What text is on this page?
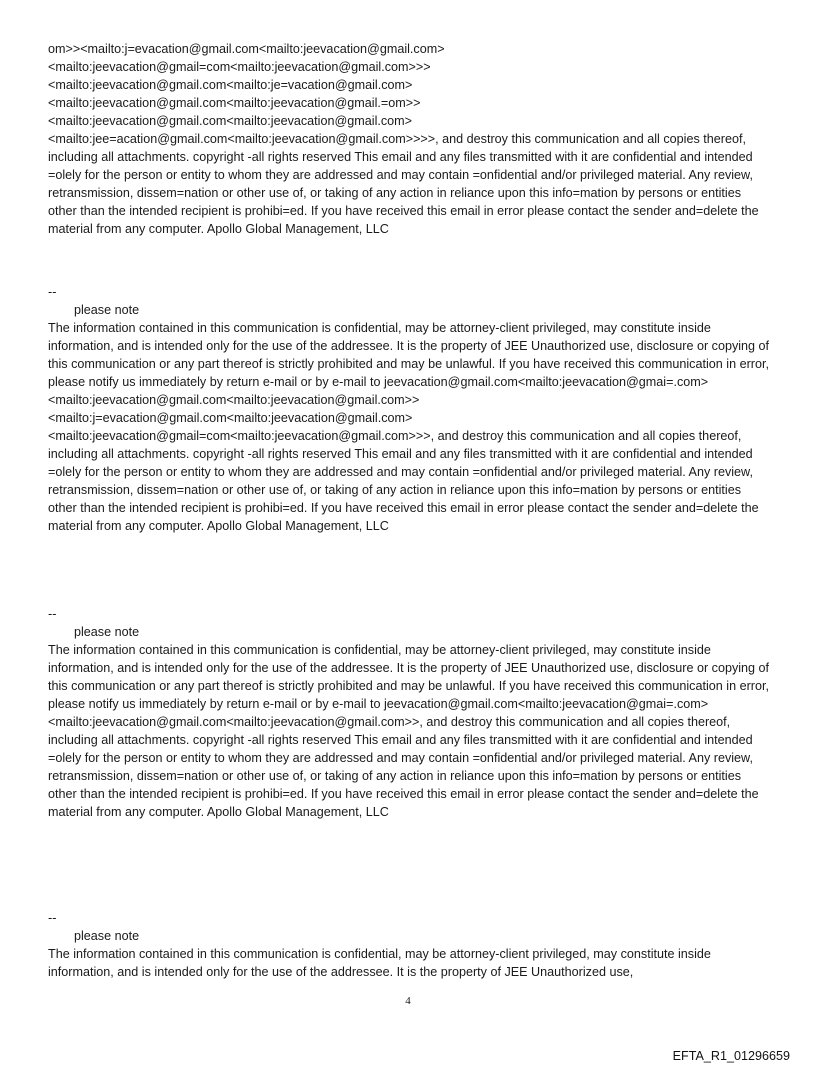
om>><mailto:j=evacation@gmail.com<mailto:jeevacation@gmail.com><mailto:jeevacation@gmail=com<mailto:jeevacation@gmail.com>>><mailto:jeevacation@gmail.com<mailto:je=vacation@gmail.com><mailto:jeevacation@gmail.com<mailto:jeevacation@gmail.=om>><mailto:jeevacation@gmail.com<mailto:jeevacation@gmail.com><mailto:jee=acation@gmail.com<mailto:jeevacation@gmail.com>>>>, and destroy this communication and all copies thereof, including all attachments. copyright -all rights reserved This email and any files transmitted with it are confidential and intended =olely for the person or entity to whom they are addressed and may contain =onfidential and/or privileged material. Any review, retransmission, dissem=nation or other use of, or taking of any action in reliance upon this info=mation by persons or entities other than the intended recipient is prohibi=ed. If you have received this email in error please contact the sender and=delete the material from any computer. Apollo Global Management, LLC

--

please note

The information contained in this communication is confidential, may be attorney-client privileged, may constitute inside information, and is intended only for the use of the addressee. It is the property of JEE Unauthorized use, disclosure or copying of this communication or any part thereof is strictly prohibited and may be unlawful. If you have received this communication in error, please notify us immediately by return e-mail or by e-mail to jeevacation@gmail.com<mailto:jeevacation@gmai=.com><mailto:jeevacation@gmail.com<mailto:jeevacation@gmail.com>><mailto:j=evacation@gmail.com<mailto:jeevacation@gmail.com><mailto:jeevacation@gmail=com<mailto:jeevacation@gmail.com>>>, and destroy this communication and all copies thereof, including all attachments. copyright -all rights reserved This email and any files transmitted with it are confidential and intended =olely for the person or entity to whom they are addressed and may contain =onfidential and/or privileged material. Any review, retransmission, dissem=nation or other use of, or taking of any action in reliance upon this info=mation by persons or entities other than the intended recipient is prohibi=ed. If you have received this email in error please contact the sender and=delete the material from any computer. Apollo Global Management, LLC

--

please note

The information contained in this communication is confidential, may be attorney-client privileged, may constitute inside information, and is intended only for the use of the addressee. It is the property of JEE Unauthorized use, disclosure or copying of this communication or any part thereof is strictly prohibited and may be unlawful. If you have received this communication in error, please notify us immediately by return e-mail or by e-mail to jeevacation@gmail.com<mailto:jeevacation@gmai=.com><mailto:jeevacation@gmail.com<mailto:jeevacation@gmail.com>>, and destroy this communication and all copies thereof, including all attachments. copyright -all rights reserved This email and any files transmitted with it are confidential and intended =olely for the person or entity to whom they are addressed and may contain =onfidential and/or privileged material. Any review, retransmission, dissem=nation or other use of, or taking of any action in reliance upon this info=mation by persons or entities other than the intended recipient is prohibi=ed. If you have received this email in error please contact the sender and=delete the material from any computer. Apollo Global Management, LLC

--

please note

The information contained in this communication is confidential, may be attorney-client privileged, may constitute inside information, and is intended only for the use of the addressee. It is the property of JEE Unauthorized use,

4

EFTA_R1_01296659
